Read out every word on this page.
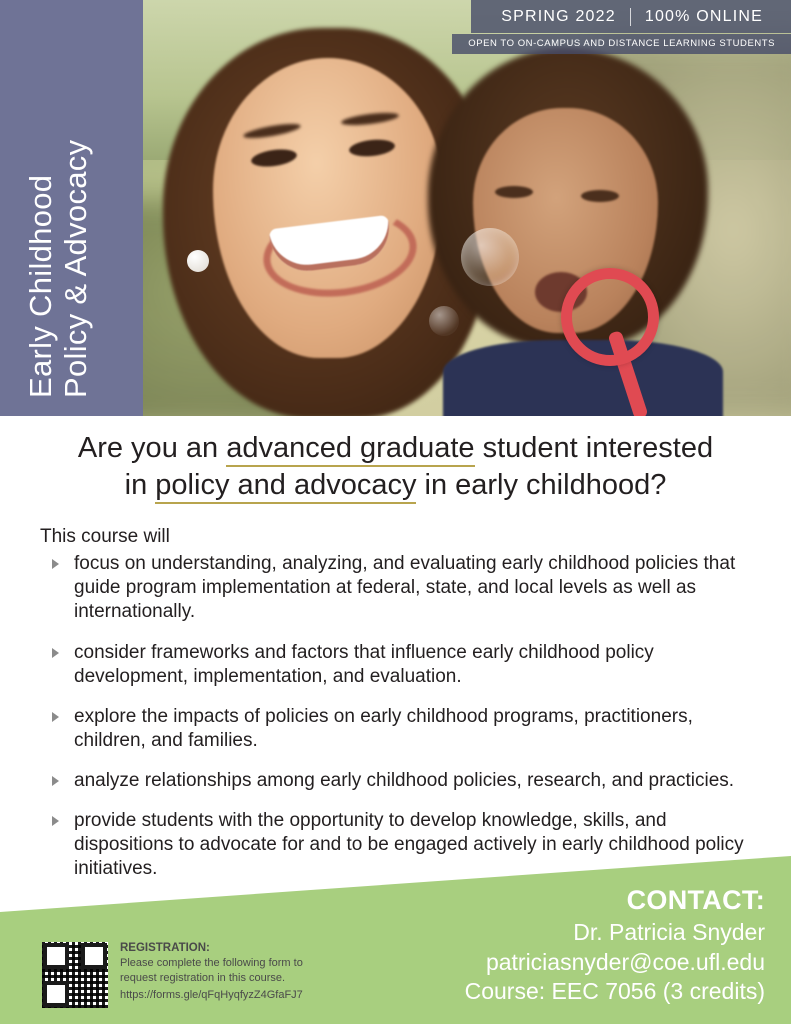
SPRING 2022	100% ONLINE
OPEN TO ON-CAMPUS AND DISTANCE LEARNING STUDENTS
Early Childhood Policy & Advocacy
Are you an advanced graduate student interested
in policy and advocacy in early childhood?
This course will
focus on understanding, analyzing, and evaluating early childhood policies that guide program implementation at federal, state, and local levels as well as internationally.
consider frameworks and factors that influence early childhood policy development, implementation, and evaluation.
explore the impacts of policies on early childhood programs, practitioners, children, and families.
analyze relationships among early childhood policies, research, and practicies.
provide students with the opportunity to develop knowledge, skills, and dispositions to advocate for and to be engaged actively in early childhood policy initiatives.
REGISTRATION:
Please complete the following form to
request registration in this course.
https://forms.gle/qFqHyqfyzZ4GfaFJ7
CONTACT:
Dr. Patricia Snyder
patriciasnyder@coe.ufl.edu
Course: EEC 7056 (3 credits)
